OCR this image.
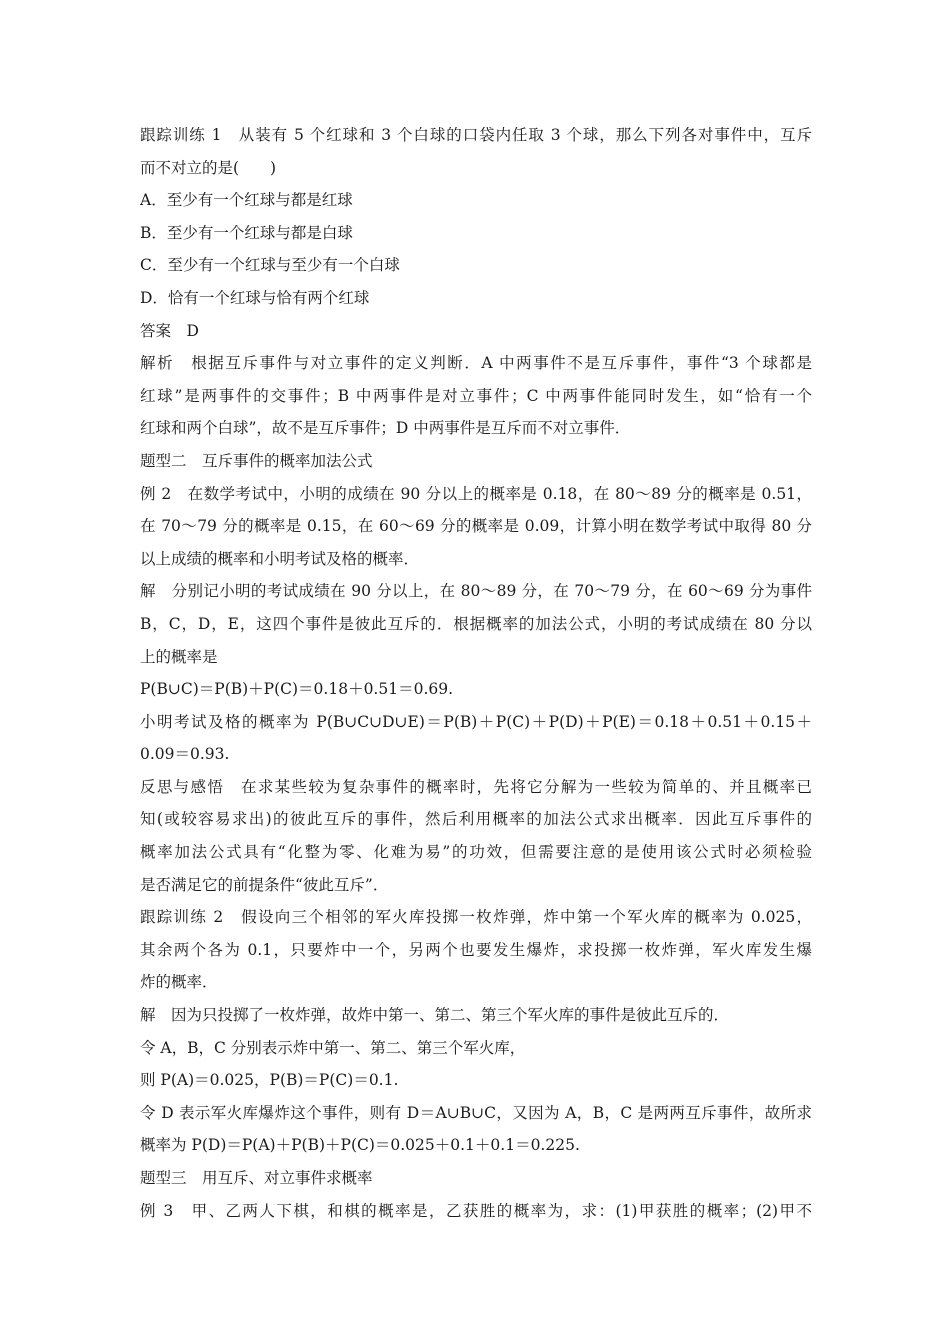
跟踪训练 1　从装有 5 个红球和 3 个白球的口袋内任取 3 个球，那么下列各对事件中，互斥
而不对立的是(　　)
A．至少有一个红球与都是红球
B．至少有一个红球与都是白球
C．至少有一个红球与至少有一个白球
D．恰有一个红球与恰有两个红球
答案　D
解析　根据互斥事件与对立事件的定义判断．A 中两事件不是互斥事件，事件“3 个球都是
红球”是两事件的交事件；B 中两事件是对立事件；C 中两事件能同时发生，如“恰有一个
红球和两个白球”，故不是互斥事件；D 中两事件是互斥而不对立事件．
题型二　互斥事件的概率加法公式
例 2　在数学考试中，小明的成绩在 90 分以上的概率是 0.18，在 80～89 分的概率是 0.51，
在 70～79 分的概率是 0.15，在 60～69 分的概率是 0.09，计算小明在数学考试中取得 80 分
以上成绩的概率和小明考试及格的概率．
解　分别记小明的考试成绩在 90 分以上，在 80～89 分，在 70～79 分，在 60～69 分为事件
B，C，D，E，这四个事件是彼此互斥的．根据概率的加法公式，小明的考试成绩在 80 分以
上的概率是
P(B∪C)＝P(B)＋P(C)＝0.18＋0.51＝0.69.
小明考试及格的概率为 P(B∪C∪D∪E)＝P(B)＋P(C)＋P(D)＋P(E)＝0.18＋0.51＋0.15＋
0.09＝0.93.
反思与感悟　在求某些较为复杂事件的概率时，先将它分解为一些较为简单的、并且概率已
知(或较容易求出)的彼此互斥的事件，然后利用概率的加法公式求出概率．因此互斥事件的
概率加法公式具有“化整为零、化难为易”的功效，但需要注意的是使用该公式时必须检验
是否满足它的前提条件“彼此互斥”．
跟踪训练 2　假设向三个相邻的军火库投掷一枚炸弹，炸中第一个军火库的概率为 0.025，
其余两个各为 0.1，只要炸中一个，另两个也要发生爆炸，求投掷一枚炸弹，军火库发生爆
炸的概率．
解　因为只投掷了一枚炸弹，故炸中第一、第二、第三个军火库的事件是彼此互斥的．
令 A，B，C 分别表示炸中第一、第二、第三个军火库，
则 P(A)＝0.025，P(B)＝P(C)＝0.1.
令 D 表示军火库爆炸这个事件，则有 D＝A∪B∪C，又因为 A，B，C 是两两互斥事件，故所求
概率为 P(D)＝P(A)＋P(B)＋P(C)＝0.025＋0.1＋0.1＝0.225.
题型三　用互斥、对立事件求概率
例 3　甲、乙两人下棋，和棋的概率是，乙获胜的概率为，求：(1)甲获胜的概率；(2)甲不
